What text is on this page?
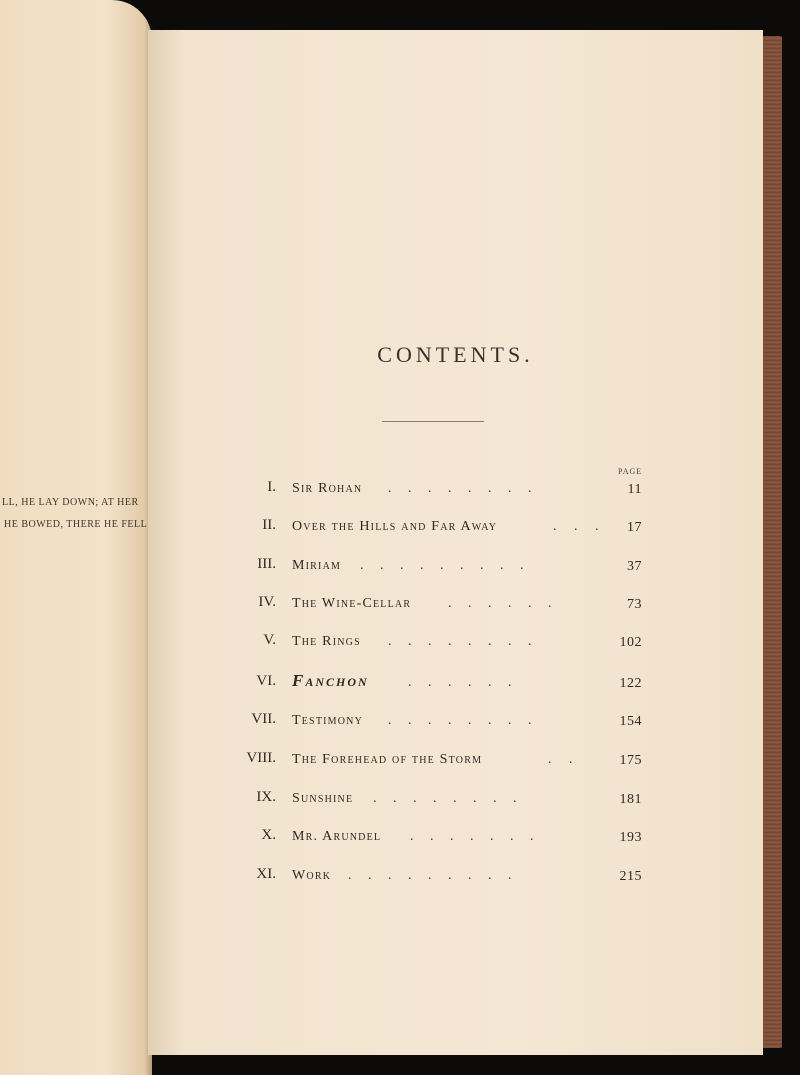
LL, HE LAY DOWN; AT HER
HE BOWED, THERE HE FELL
CONTENTS.
PAGE
I. Sir Rohan . . . . . . . .	11
II. Over the Hills and Far Away	. . . 17
III. Miriam . . . . . . . . .	37
IV. The Wine-Cellar	. . . . . .	73
V. The Rings . . . . . . . .	102
VI. Fanchon	. . . . . .	122
VII. Testimony . . . . . . . .	154
VIII. The Forehead of the Storm	. .	175
IX. Sunshine . . . . . . . .	181
X. Mr. Arundel . . . . . . .	193
XI. Work . . . . . . . . .	215
